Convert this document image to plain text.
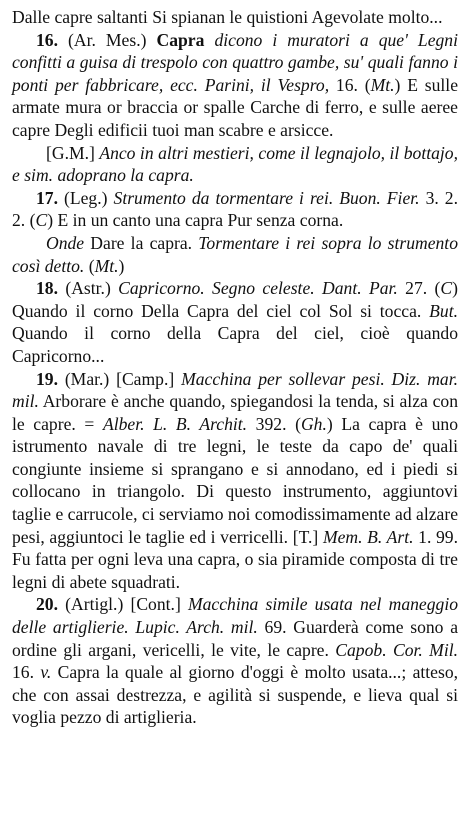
Dalle capre saltanti Si spianan le quistioni Agevolate molto...

16. (Ar. Mes.) Capra dicono i muratori a que' Legni confitti a guisa di trespolo con quattro gambe, su' quali fanno i ponti per fabbricare, ecc. Parini, il Vespro, 16. (Mt.) E sulle armate mura or braccia or spalle Carche di ferro, e sulle aeree capre Degli edificii tuoi man scabre e arsicce.

[G.M.] Anco in altri mestieri, come il legnajolo, il bottajo, e sim. adoprano la capra.

17. (Leg.) Strumento da tormentare i rei. Buon. Fier. 3. 2. 2. (C) E in un canto una capra Pur senza corna.

Onde Dare la capra. Tormentare i rei sopra lo strumento così detto. (Mt.)

18. (Astr.) Capricorno. Segno celeste. Dant. Par. 27. (C) Quando il corno Della Capra del ciel col Sol si tocca. But. Quando il corno della Capra del ciel, cioè quando Capricorno...

19. (Mar.) [Camp.] Macchina per sollevar pesi. Diz. mar. mil. Arborare è anche quando, spiegandosi la tenda, si alza con le capre. = Alber. L. B. Archit. 392. (Gh.) La capra è uno istrumento navale di tre legni, le teste da capo de' quali congiunte insieme si sprangano e si annodano, ed i piedi si collocano in triangolo. Di questo instrumento, aggiuntovi taglie e carrucole, ci serviamo noi comodissimamente ad alzare pesi, aggiuntoci le taglie ed i verricelli. [T.] Mem. B. Art. 1. 99. Fu fatta per ogni leva una capra, o sia piramide composta di tre legni di abete squadrati.

20. (Artigl.) [Cont.] Macchina simile usata nel maneggio delle artiglierie. Lupic. Arch. mil. 69. Guarderà come sono a ordine gli argani, vericelli, le vite, le capre. Capob. Cor. Mil. 16. v. Capra la quale al giorno d'oggi è molto usata...; atteso, che con assai destrezza, e agilità si suspende, e lieva qual si voglia pezzo di artiglieria.
